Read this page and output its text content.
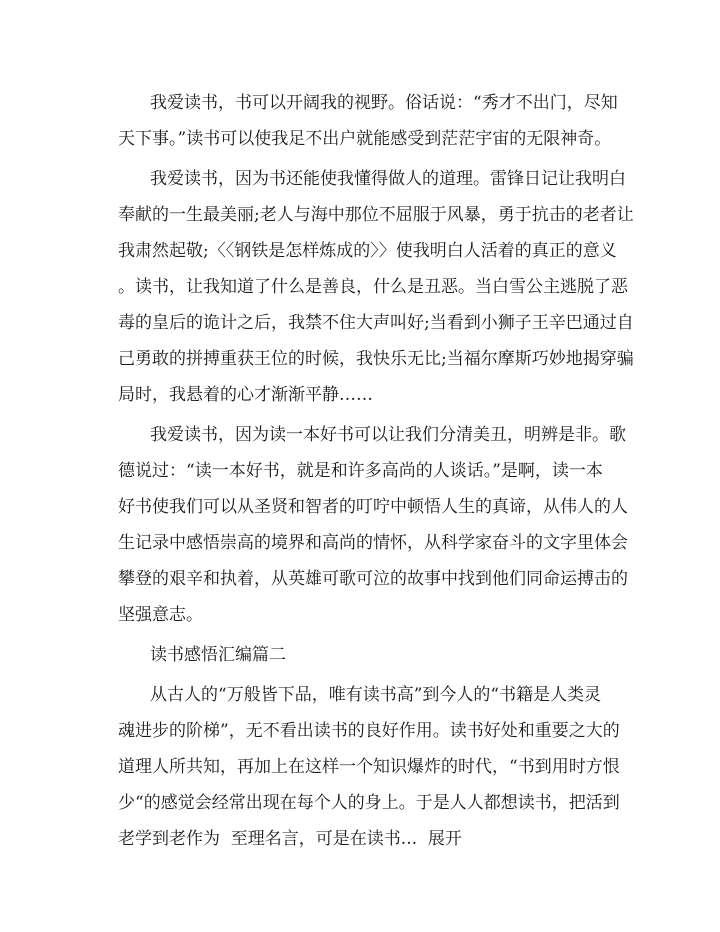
我爱读书，书可以开阔我的视野。俗话说：“秀才不出门，尽知
天下事。”读书可以使我足不出户就能感受到茫茫宇宙的无限神奇。
我爱读书，因为书还能使我懂得做人的道理。雷锋日记让我明白
奉献的一生最美丽;老人与海中那位不屈服于风暴，勇于抗击的老者让
我肃然起敬;〈〈钢铁是怎样炼成的〉〉使我明白人活着的真正的意义
。读书，让我知道了什么是善良，什么是丑恶。当白雪公主逃脱了恶
毒的皇后的诡计之后，我禁不住大声叫好;当看到小狮子王辛巴通过自
己勇敢的拼搏重获王位的时候，我快乐无比;当福尔摩斯巧妙地揭穿骗
局时，我悬着的心才渐渐平静……
我爱读书，因为读一本好书可以让我们分清美丑，明辨是非。歌
德说过：“读一本好书，就是和许多高尚的人谈话。”是啊，读一本
好书使我们可以从圣贤和智者的叮咛中顿悟人生的真谛，从伟人的人
生记录中感悟崇高的境界和高尚的情怀，从科学家奋斗的文字里体会
攀登的艰辛和执着，从英雄可歌可泣的故事中找到他们同命运搏击的
坚强意志。
读书感悟汇编篇二
从古人的“万般皆下品，唯有读书高”到今人的“书籍是人类灵
魂进步的阶梯”，无不看出读书的良好作用。读书好处和重要之大的
道理人所共知，再加上在这样一个知识爆炸的时代，“书到用时方恨
少“的感觉会经常出现在每个人的身上。于是人人都想读书，把活到
老学到老作为  至理名言，可是在读书... 展开
